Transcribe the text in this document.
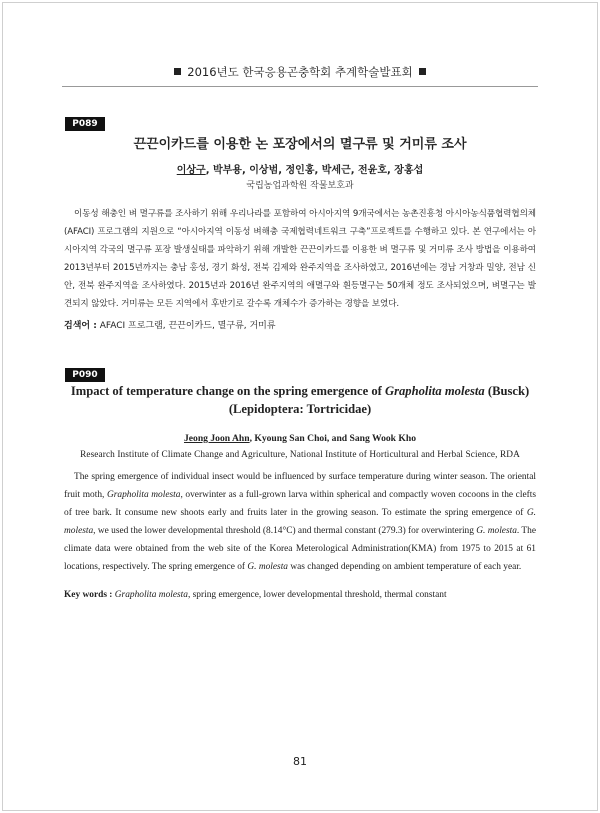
2016년도 한국응용곤충학회 추계학술발표회
P089
끈끈이카드를 이용한 논 포장에서의 멸구류 및 거미류 조사
이상구, 박부용, 이상범, 정인홍, 박세근, 전윤호, 장홍섭
국립농업과학원 작물보호과

이동성 해충인 벼 멸구류를 조사하기 위해 우리나라를 포함하여 아시아지역 9개국에서는 농촌진흥청 아시아농식품협력협의체(AFACI) 프로그램의 지원으로 “아시아지역 이동성 벼해충 국제협력네트워크 구축”프로젝트를 수행하고 있다. 본 연구에서는 아시아지역 각국의 멸구류 포장 발생실태를 파악하기 위해 개발한 끈끈이카드를 이용한 벼 멸구류 및 거미류 조사 방법을 이용하여 2013년부터 2015년까지는 충남 홍성, 경기 화성, 전북 김제와 완주지역을 조사하였고, 2016년에는 경남 거창과 밀양, 전남 신안, 전북 완주지역을 조사하였다. 2015년과 2016년 완주지역의 애멸구와 흰등멸구는 50개체 정도 조사되었으며, 벼멸구는 발견되지 않았다. 거미류는 모든 지역에서 후반기로 갈수록 개체수가 증가하는 경향을 보였다.

검색어 : AFACI 프로그램, 끈끈이카드, 멸구류, 거미류
P090
Impact of temperature change on the spring emergence of Grapholita molesta (Busck)
(Lepidoptera: Tortricidae)
Jeong Joon Ahn, Kyoung San Choi, and Sang Wook Kho
Research Institute of Climate Change and Agriculture, National Institute of Horticultural and Herbal Science, RDA

The spring emergence of individual insect would be influenced by surface temperature during winter season. The oriental fruit moth, Grapholita molesta, overwinter as a full-grown larva within spherical and compactly woven cocoons in the clefts of tree bark. It consume new shoots early and fruits later in the growing season. To estimate the spring emergence of G. molesta, we used the lower developmental threshold (8.14°C) and thermal constant (279.3) for overwintering G. molesta. The climate data were obtained from the web site of the Korea Meterological Administration(KMA) from 1975 to 2015 at 61 locations, respectively. The spring emergence of G. molesta was changed depending on ambient temperature of each year.

Key words : Grapholita molesta, spring emergence, lower developmental threshold, thermal constant
81
